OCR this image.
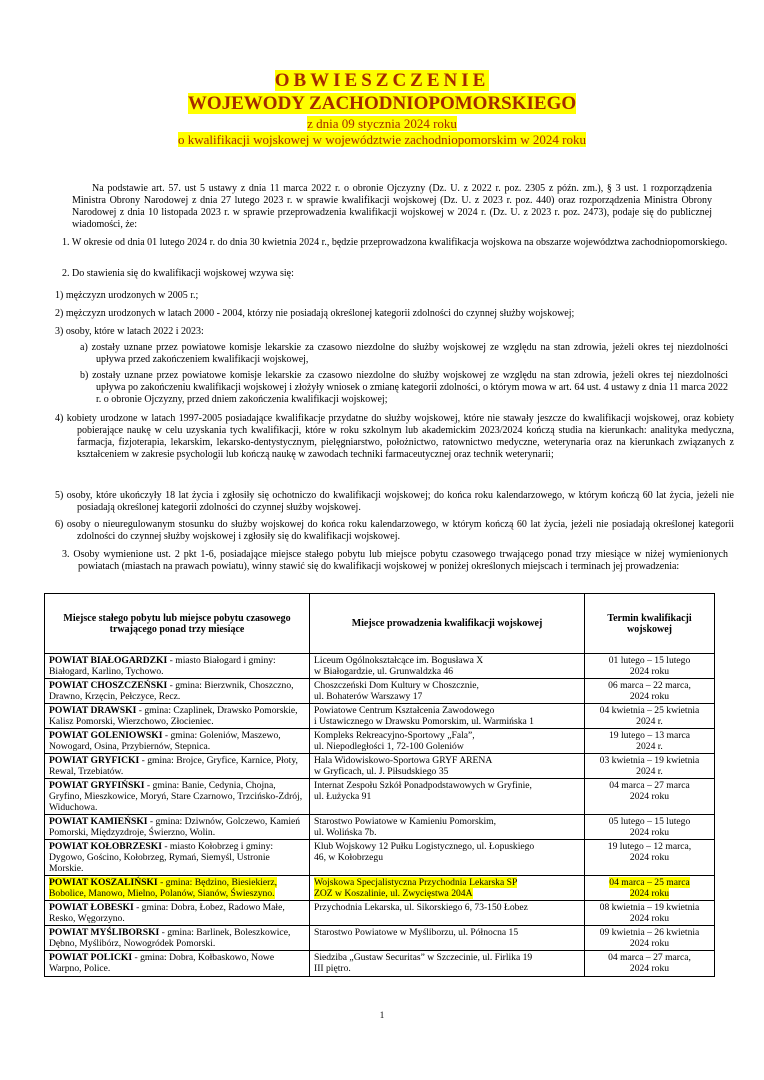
OBWIESZCZENIE
WOJEWODY ZACHODNIOPOMORSKIEGO
z dnia 09 stycznia 2024 roku
o kwalifikacji wojskowej w województwie zachodniopomorskim w 2024 roku
Na podstawie art. 57. ust 5 ustawy z dnia 11 marca 2022 r. o obronie Ojczyzny (Dz. U. z 2022 r. poz. 2305 z późn. zm.), § 3 ust. 1 rozporządzenia Ministra Obrony Narodowej z dnia 27 lutego 2023 r. w sprawie kwalifikacji wojskowej (Dz. U. z 2023 r. poz. 440) oraz rozporządzenia Ministra Obrony Narodowej z dnia 10 listopada 2023 r. w sprawie przeprowadzenia kwalifikacji wojskowej w 2024 r. (Dz. U. z 2023 r. poz. 2473), podaje się do publicznej wiadomości, że:
1. W okresie od dnia 01 lutego 2024 r. do dnia 30 kwietnia 2024 r., będzie przeprowadzona kwalifikacja wojskowa na obszarze województwa zachodniopomorskiego.
2. Do stawienia się do kwalifikacji wojskowej wzywa się:
1) mężczyzn urodzonych w 2005 r.;
2) mężczyzn urodzonych w latach 2000 - 2004, którzy nie posiadają określonej kategorii zdolności do czynnej służby wojskowej;
3) osoby, które w latach 2022 i 2023:
a) zostały uznane przez powiatowe komisje lekarskie za czasowo niezdolne do służby wojskowej ze względu na stan zdrowia, jeżeli okres tej niezdolności upływa przed zakończeniem kwalifikacji wojskowej,
b) zostały uznane przez powiatowe komisje lekarskie za czasowo niezdolne do służby wojskowej ze względu na stan zdrowia, jeżeli okres tej niezdolności upływa po zakończeniu kwalifikacji wojskowej i złożyły wniosek o zmianę kategorii zdolności, o którym mowa w art. 64 ust. 4 ustawy z dnia 11 marca 2022 r. o obronie Ojczyzny, przed dniem zakończenia kwalifikacji wojskowej;
4) kobiety urodzone w latach 1997-2005 posiadające kwalifikacje przydatne do służby wojskowej, które nie stawały jeszcze do kwalifikacji wojskowej, oraz kobiety pobierające naukę w celu uzyskania tych kwalifikacji, które w roku szkolnym lub akademickim 2023/2024 kończą studia na kierunkach: analityka medyczna, farmacja, fizjoterapia, lekarskim, lekarsko-dentystycznym, pielęgniarstwo, położnictwo, ratownictwo medyczne, weterynaria oraz na kierunkach związanych z kształceniem w zakresie psychologii lub kończą naukę w zawodach techniki farmaceutycznej oraz technik weterynarii;
5) osoby, które ukończyły 18 lat życia i zgłosiły się ochotniczo do kwalifikacji wojskowej; do końca roku kalendarzowego, w którym kończą 60 lat życia, jeżeli nie posiadają określonej kategorii zdolności do czynnej służby wojskowej.
6) osoby o nieuregulowanym stosunku do służby wojskowej do końca roku kalendarzowego, w którym kończą 60 lat życia, jeżeli nie posiadają określonej kategorii zdolności do czynnej służby wojskowej i zgłosiły się do kwalifikacji wojskowej.
3. Osoby wymienione ust. 2 pkt 1-6, posiadające miejsce stałego pobytu lub miejsce pobytu czasowego trwającego ponad trzy miesiące w niżej wymienionych powiatach (miastach na prawach powiatu), winny stawić się do kwalifikacji wojskowej w poniżej określonych miejscach i terminach jej prowadzenia:
Miejsce stałego pobytu lub miejsce pobytu czasowego trwającego ponad trzy miesiące	Miejsce prowadzenia kwalifikacji wojskowej	Termin kwalifikacji wojskowej
POWIAT BIAŁOGARDZKI - miasto Białogard i gminy: Białogard, Karlino, Tychowo.	Liceum Ogólnokształcące im. Bogusława X
w Białogardzie, ul. Grunwaldzka 46	01 lutego – 15 lutego
2024 roku
POWIAT CHOSZCZEŃSKI - gmina: Bierzwnik, Choszczno, Drawno, Krzęcin, Pełczyce, Recz.	Choszczeński Dom Kultury w Choszcznie,
ul. Bohaterów Warszawy 17	06 marca – 22 marca,
2024 roku
POWIAT DRAWSKI - gmina: Czaplinek, Drawsko Pomorskie, Kalisz Pomorski, Wierzchowo, Złocieniec.	Powiatowe Centrum Kształcenia Zawodowego
i Ustawicznego w Drawsku Pomorskim, ul. Warmińska 1	04 kwietnia – 25 kwietnia
2024 r.
POWIAT GOLENIOWSKI - gmina: Goleniów, Maszewo, Nowogard, Osina, Przybiernów, Stepnica.	Kompleks Rekreacyjno-Sportowy „Fala”,
ul. Niepodległości 1, 72-100 Goleniów	19 lutego – 13 marca
2024 r.
POWIAT GRYFICKI - gmina: Brojce, Gryfice, Karnice, Płoty, Rewal, Trzebiatów.	Hala Widowiskowo-Sportowa GRYF ARENA
w Gryficach, ul. J. Piłsudskiego 35	03 kwietnia – 19 kwietnia
2024 r.
POWIAT GRYFIŃSKI - gmina: Banie, Cedynia, Chojna, Gryfino, Mieszkowice, Moryń, Stare Czarnowo, Trzcińsko-Zdrój, Widuchowa.	Internat Zespołu Szkół Ponadpodstawowych w Gryfinie,
ul. Łużycka 91	04 marca – 27 marca
2024 roku
POWIAT KAMIEŃSKI - gmina: Dziwnów, Golczewo, Kamień Pomorski, Międzyzdroje, Świerzno, Wolin.	Starostwo Powiatowe w Kamieniu Pomorskim,
ul. Wolińska 7b.	05 lutego – 15 lutego
2024 roku
POWIAT KOŁOBRZESKI - miasto Kołobrzeg i gminy: Dygowo, Gościno, Kołobrzeg, Rymań, Siemyśl, Ustronie Morskie.	Klub Wojskowy 12 Pułku Logistycznego, ul. Łopuskiego
46, w Kołobrzegu	19 lutego – 12 marca,
2024 roku
POWIAT KOSZALIŃSKI - gmina: Będzino, Biesiekierz, Bobolice, Manowo, Mielno, Polanów, Sianów, Świeszyno.	Wojskowa Specjalistyczna Przychodnia Lekarska SP
ZOZ w Koszalinie, ul. Zwycięstwa 204A	04 marca – 25 marca
2024 roku
POWIAT ŁOBESKI - gmina: Dobra, Łobez, Radowo Małe, Resko, Węgorzyno.	Przychodnia Lekarska, ul. Sikorskiego 6, 73-150 Łobez	08 kwietnia – 19 kwietnia
2024 roku
POWIAT MYŚLIBORSKI - gmina: Barlinek, Boleszkowice, Dębno, Myślibórz, Nowogródek Pomorski.	Starostwo Powiatowe w Myśliborzu, ul. Północna 15	09 kwietnia – 26 kwietnia
2024 roku
POWIAT POLICKI - gmina: Dobra, Kołbaskowo, Nowe Warpno, Police.	Siedziba „Gustaw Securitas” w Szczecinie, ul. Firlika 19
III piętro.	04 marca – 27 marca,
2024 roku
1
